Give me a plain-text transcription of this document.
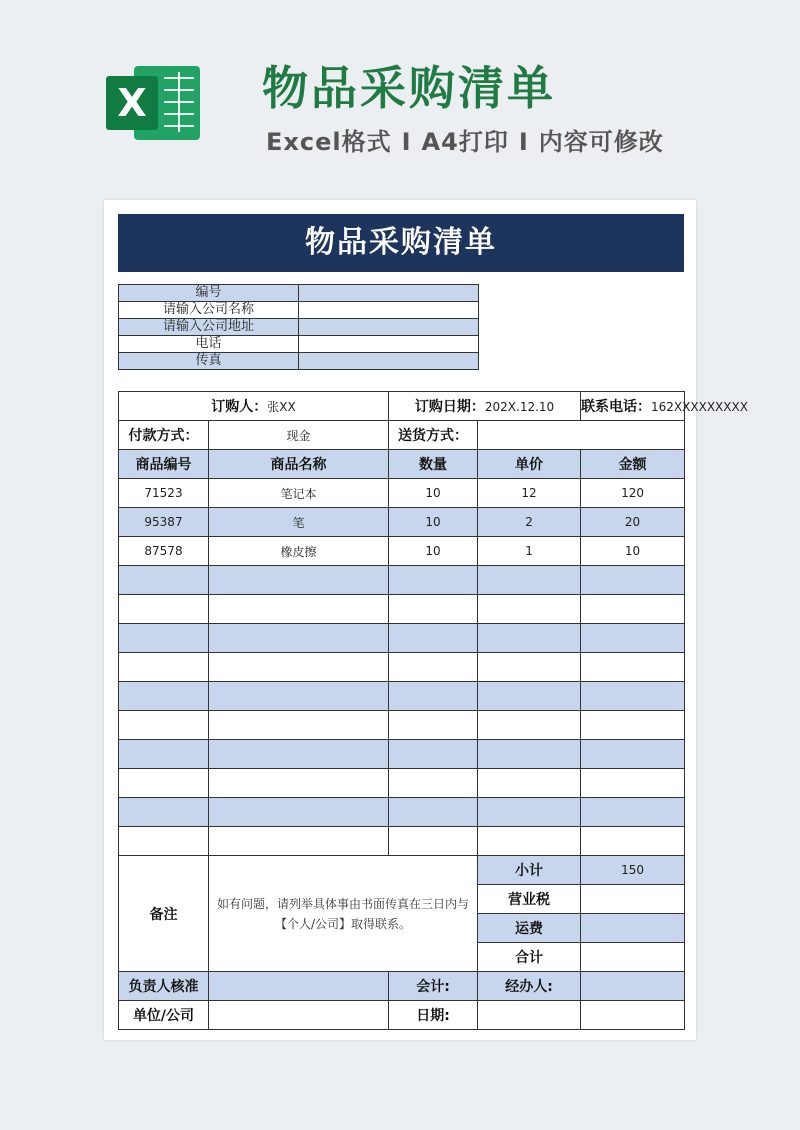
X	物品采购清单
Excel格式 I A4打印 I 内容可修改
物品采购清单
编号	
请输入公司名称	
请输入公司地址	
电话	
传真	
订购人：张XX		订购日期：202X.12.10		联系电话：162XXXXXXXXX
付款方式：	现金	送货方式：		
商品编号	商品名称	数量	单价	金额
71523	笔记本	10	12	120
95387	笔	10	2	20
87578	橡皮擦	10	1	10

备注	如有问题，请列举具体事由书面传真在三日内与【个人/公司】取得联系。		小计	150
			营业税	
			运费	
			合计	
负责人核准		会计:	经办人:	
单位/公司		日期:		
